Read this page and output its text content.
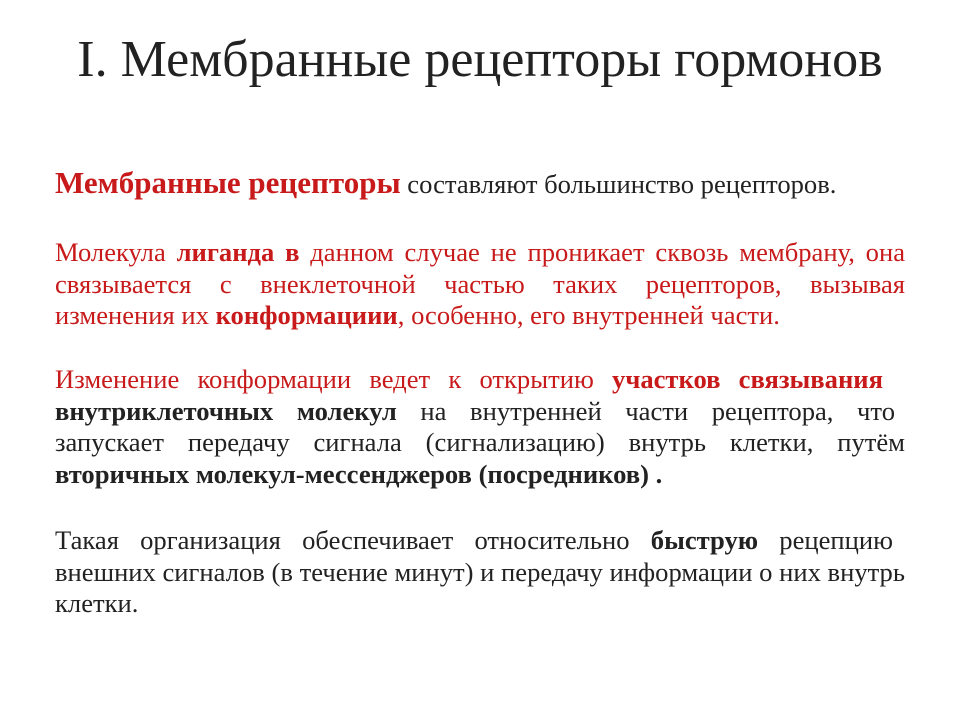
I. Мембранные рецепторы гормонов
Мембранные рецепторы составляют большинство рецепторов.
Молекула лиганда в данном случае не проникает сквозь мембрану, она
связывается с внеклеточной частью таких рецепторов, вызывая
изменения их конформациии, особенно, его внутренней части.
Изменение конформации ведет к открытию участков связывания
внутриклеточных молекул на внутренней части рецептора, что
запускает передачу сигнала (сигнализацию) внутрь клетки, путём
вторичных молекул-мессенджеров (посредников) .
Такая организация обеспечивает относительно быструю рецепцию
внешних сигналов (в течение минут) и передачу информации о них внутрь
клетки.
